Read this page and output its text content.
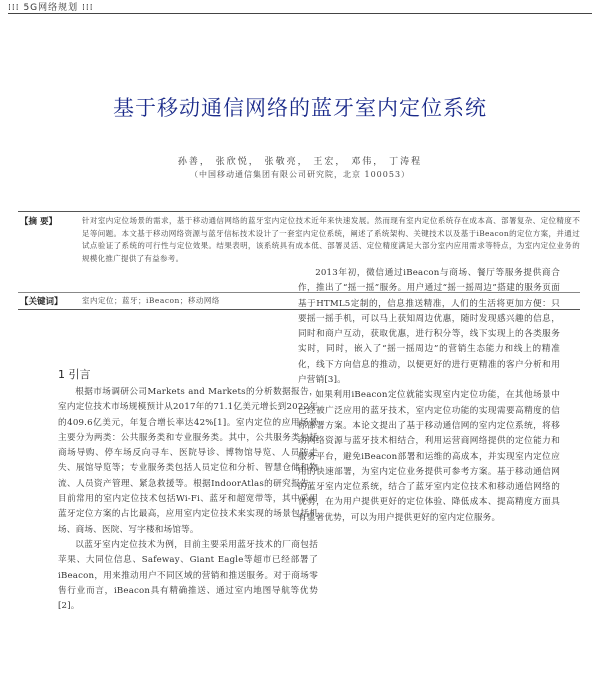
⁞⁞⁞ 5G网络规划 ⁞⁞⁞
基于移动通信网络的蓝牙室内定位系统
孙善， 张欣悦， 张敬亮， 王宏， 邓伟， 丁涛程
（中国移动通信集团有限公司研究院，北京 100053）
【摘 要】	针对室内定位场景的需求，基于移动通信网络的蓝牙室内定位技术近年来快速发展。然而现有室内定位系统存在成本高、部署复杂、定位精度不足等问题。本文基于移动网络资源与蓝牙信标技术设计了一套室内定位系统，阐述了系统架构、关键技术以及基于iBeacon的定位方案，并通过试点验证了系统的可行性与定位效果。结果表明，该系统具有成本低、部署灵活、定位精度满足大部分室内应用需求等特点，为室内定位业务的规模化推广提供了有益参考。
【关键词】	室内定位；蓝牙；iBeacon；移动网络
1 引言

根据市场调研公司Markets and Markets的分析数据报告，室内定位技术市场规模预计从2017年的71.1亿美元增长到2022年的409.6亿美元，年复合增长率达42%[1]。室内定位的应用场景主要分为两类：公共服务类和专业服务类。其中，公共服务类包括商场导购、停车场反向寻车、医院导诊、博物馆导览、人员防走失、展馆导览等；专业服务类包括人员定位和分析、智慧仓储和物流、人员资产管理、紧急救援等。根据IndoorAtlas的研究报告，目前常用的室内定位技术包括Wi-Fi、蓝牙和超宽带等，其中采用蓝牙定位方案的占比最高，应用室内定位技术来实现的场景包括机场、商场、医院、写字楼和场馆等。

以蓝牙室内定位技术为例，目前主要采用蓝牙技术的厂商包括苹果、大同位信息、Safeway、Giant Eagle等超市已经部署了iBeacon，用来推动用户不同区域的营销和推送服务。对于商场零售行业而言，iBeacon具有精确推送、通过室内地图导航等优势[2]。

2013年初，微信通过iBeacon与商场、餐厅等服务提供商合作，推出了“摇一摇”服务。用户通过“摇一摇周边”搭建的服务页面基于HTML5定制的，信息推送精准，人们的生活将更加方便：只要摇一摇手机，可以马上获知周边优惠，随时发现感兴趣的信息，同时和商户互动，获取优惠，进行积分等，线下实现上的各类服务实时，同时，嵌入了“摇一摇周边”的营销生态能力和线上的精准化，线下方向信息的推动，以便更好的进行更精准的客户分析和用户营销[3]。

如果利用iBeacon定位就能实现室内定位功能，在其他场景中已经被广泛应用的蓝牙技术，室内定位功能的实现需要高精度的信标部署方案。本论文提出了基于移动通信网的室内定位系统，将移动网络资源与蓝牙技术相结合，利用运营商网络提供的定位能力和服务平台，避免iBeacon部署和运维的高成本，并实现室内定位应用的快速部署，为室内定位业务提供可参考方案。基于移动通信网的蓝牙室内定位系统，结合了蓝牙室内定位技术和移动通信网络的优势，在为用户提供更好的定位体验、降低成本、提高精度方面具有显著优势，可以为用户提供更好的室内定位服务。
